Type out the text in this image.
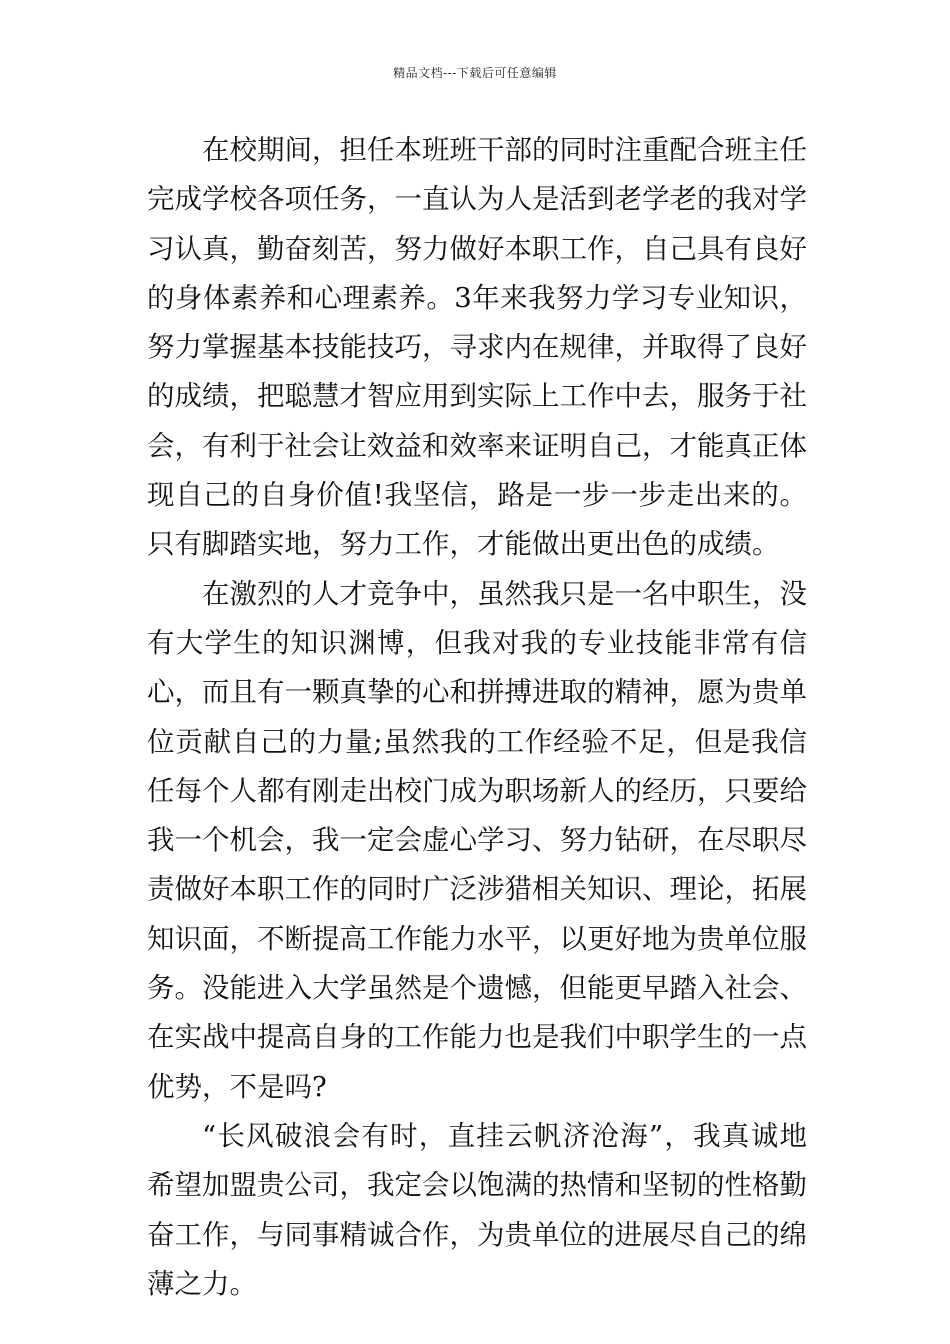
精品文档---下载后可任意编辑

在校期间，担任本班班干部的同时注重配合班主任完成学校各项任务，一直认为人是活到老学老的我对学习认真，勤奋刻苦，努力做好本职工作，自己具有良好的身体素养和心理素养。3年来我努力学习专业知识，努力掌握基本技能技巧，寻求内在规律，并取得了良好的成绩，把聪慧才智应用到实际上工作中去，服务于社会，有利于社会让效益和效率来证明自己，才能真正体现自己的自身价值!我坚信，路是一步一步走出来的。只有脚踏实地，努力工作，才能做出更出色的成绩。

在激烈的人才竞争中，虽然我只是一名中职生，没有大学生的知识渊博，但我对我的专业技能非常有信心，而且有一颗真挚的心和拼搏进取的精神，愿为贵单位贡献自己的力量;虽然我的工作经验不足，但是我信任每个人都有刚走出校门成为职场新人的经历，只要给我一个机会，我一定会虚心学习、努力钻研，在尽职尽责做好本职工作的同时广泛涉猎相关知识、理论，拓展知识面，不断提高工作能力水平，以更好地为贵单位服务。没能进入大学虽然是个遗憾，但能更早踏入社会、在实战中提高自身的工作能力也是我们中职学生的一点优势，不是吗?

“长风破浪会有时，直挂云帆济沧海”，我真诚地希望加盟贵公司，我定会以饱满的热情和坚韧的性格勤奋工作，与同事精诚合作，为贵单位的进展尽自己的绵薄之力。
